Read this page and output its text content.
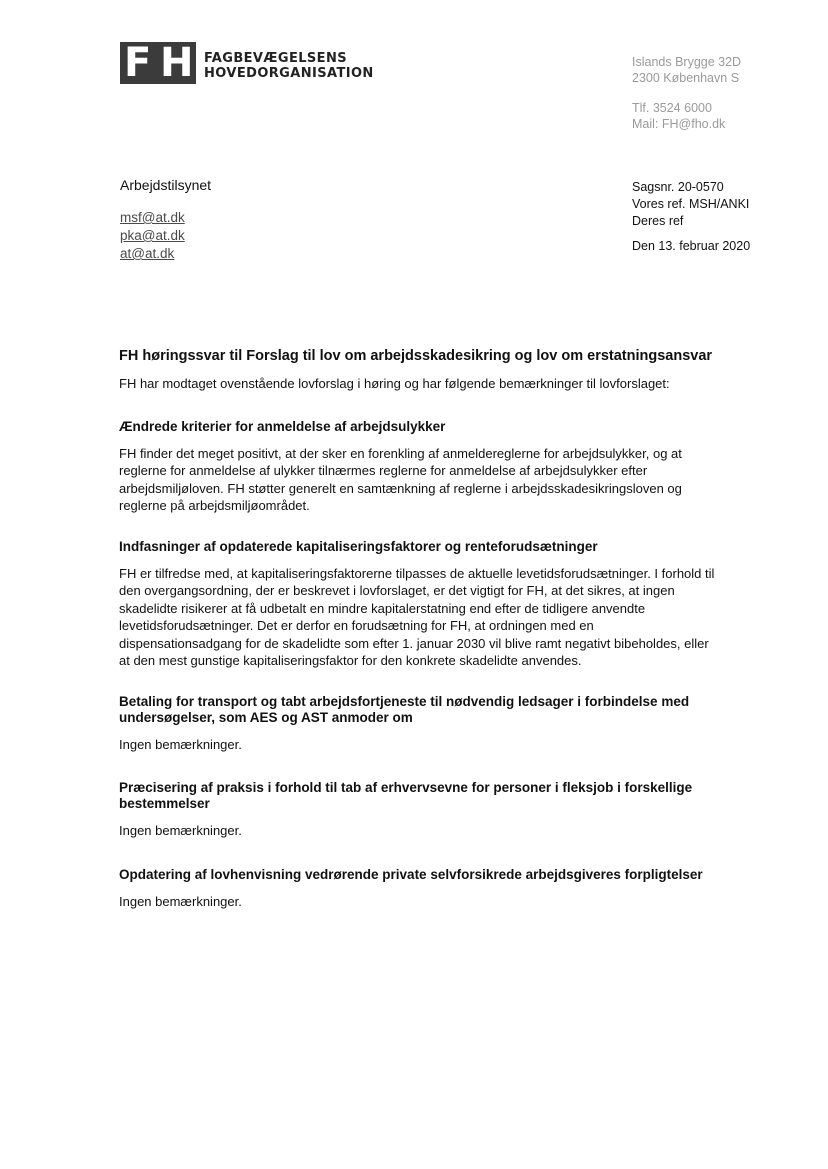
F H FAGBEVÆGELSENS
HOVEDORGANISATION
Islands Brygge 32D
2300 København S
Tlf. 3524 6000
Mail: FH@fho.dk
Arbejdstilsynet
msf@at.dk
pka@at.dk
at@at.dk
Sagsnr. 20-0570
Vores ref. MSH/ANKI
Deres ref
Den 13. februar 2020
FH høringssvar til Forslag til lov om arbejdsskadesikring og lov om erstatningsansvar

FH har modtaget ovenstående lovforslag i høring og har følgende bemærkninger til lovforslaget:

Ændrede kriterier for anmeldelse af arbejdsulykker

FH finder det meget positivt, at der sker en forenkling af anmeldereglerne for arbejdsulykker, og at reglerne for anmeldelse af ulykker tilnærmes reglerne for anmeldelse af arbejdsulykker efter arbejdsmiljøloven. FH støtter generelt en samtænkning af reglerne i arbejdsskadesikringsloven og reglerne på arbejdsmiljøområdet.

Indfasninger af opdaterede kapitaliseringsfaktorer og renteforudsætninger

FH er tilfredse med, at kapitaliseringsfaktorerne tilpasses de aktuelle levetidsforudsætninger. I forhold til den overgangsordning, der er beskrevet i lovforslaget, er det vigtigt for FH, at det sikres, at ingen skadelidte risikerer at få udbetalt en mindre kapitalerstatning end efter de tidligere anvendte levetidsforudsætninger. Det er derfor en forudsætning for FH, at ordningen med en dispensationsadgang for de skadelidte som efter 1. januar 2030 vil blive ramt negativt bibeholdes, eller at den mest gunstige kapitaliseringsfaktor for den konkrete skadelidte anvendes.

Betaling for transport og tabt arbejdsfortjeneste til nødvendig ledsager i forbindelse med undersøgelser, som AES og AST anmoder om

Ingen bemærkninger.

Præcisering af praksis i forhold til tab af erhvervsevne for personer i fleksjob i forskellige bestemmelser

Ingen bemærkninger.

Opdatering af lovhenvisning vedrørende private selvforsikrede arbejdsgiveres forpligtelser

Ingen bemærkninger.
